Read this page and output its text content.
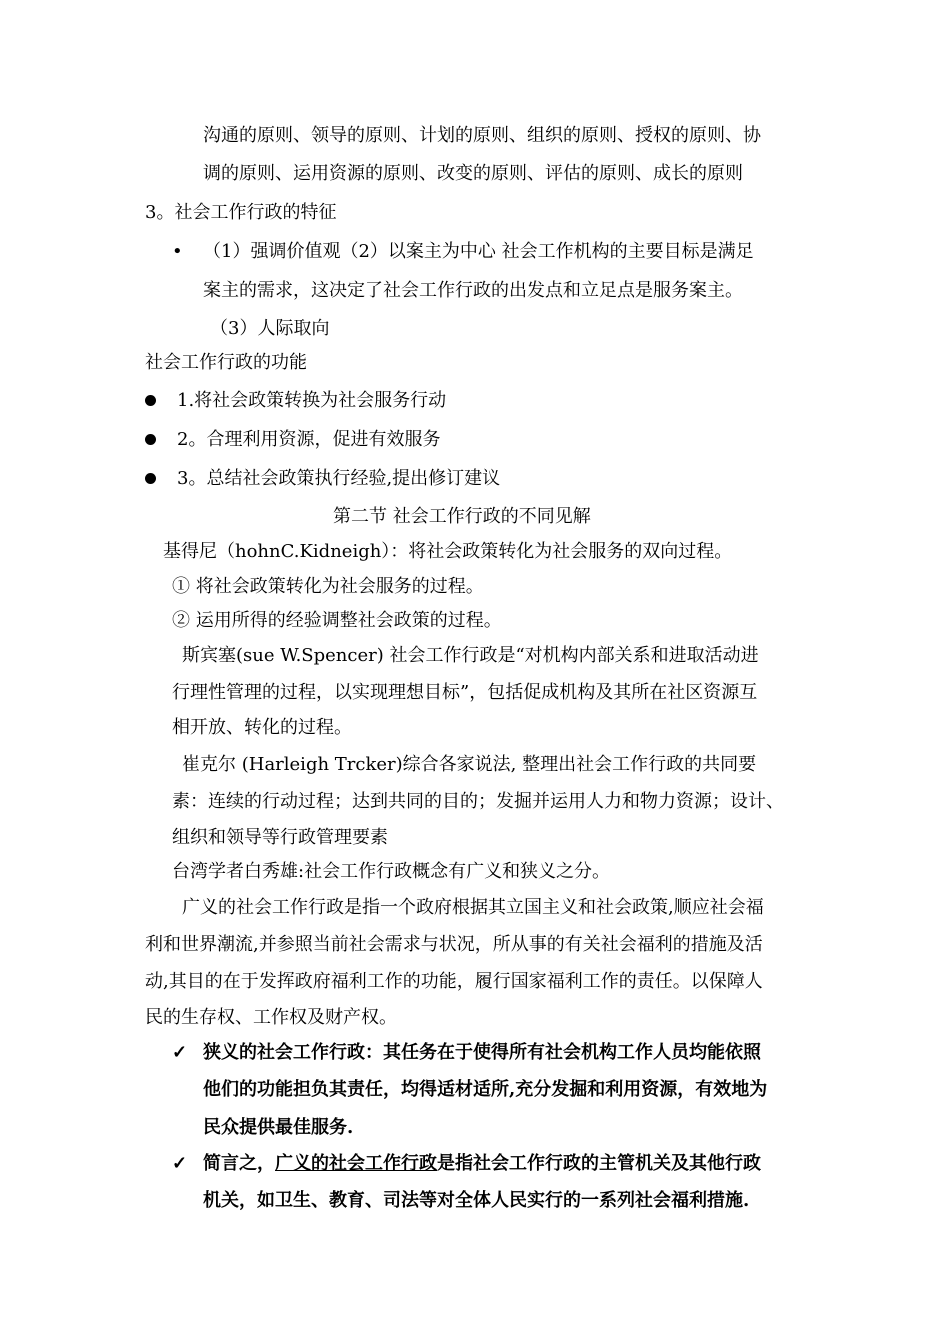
沟通的原则、领导的原则、计划的原则、组织的原则、授权的原则、协
调的原则、运用资源的原则、改变的原则、评估的原则、成长的原则
3。社会工作行政的特征
• （1）强调价值观（2）以案主为中心 社会工作机构的主要目标是满足
案主的需求，这决定了社会工作行政的出发点和立足点是服务案主。
（3）人际取向
社会工作行政的功能
1.将社会政策转换为社会服务行动
2。合理利用资源，促进有效服务
3。总结社会政策执行经验,提出修订建议
第二节 社会工作行政的不同见解
基得尼（hohnC.Kidneigh）：将社会政策转化为社会服务的双向过程。
① 将社会政策转化为社会服务的过程。
② 运用所得的经验调整社会政策的过程。
斯宾塞(sue W.Spencer) 社会工作行政是“对机构内部关系和进取活动进
行理性管理的过程，以实现理想目标”，包括促成机构及其所在社区资源互
相开放、转化的过程。
崔克尔 (Harleigh Trcker)综合各家说法, 整理出社会工作行政的共同要
素：连续的行动过程；达到共同的目的；发掘并运用人力和物力资源；设计、
组织和领导等行政管理要素
台湾学者白秀雄:社会工作行政概念有广义和狭义之分。
广义的社会工作行政是指一个政府根据其立国主义和社会政策,顺应社会福
利和世界潮流,并参照当前社会需求与状况，所从事的有关社会福利的措施及活
动,其目的在于发挥政府福利工作的功能，履行国家福利工作的责任。以保障人
民的生存权、工作权及财产权。
✓ 狭义的社会工作行政：其任务在于使得所有社会机构工作人员均能依照
他们的功能担负其责任，均得适材适所,充分发掘和利用资源，有效地为
民众提供最佳服务.
✓ 简言之，广义的社会工作行政是指社会工作行政的主管机关及其他行政
机关，如卫生、教育、司法等对全体人民实行的一系列社会福利措施.
